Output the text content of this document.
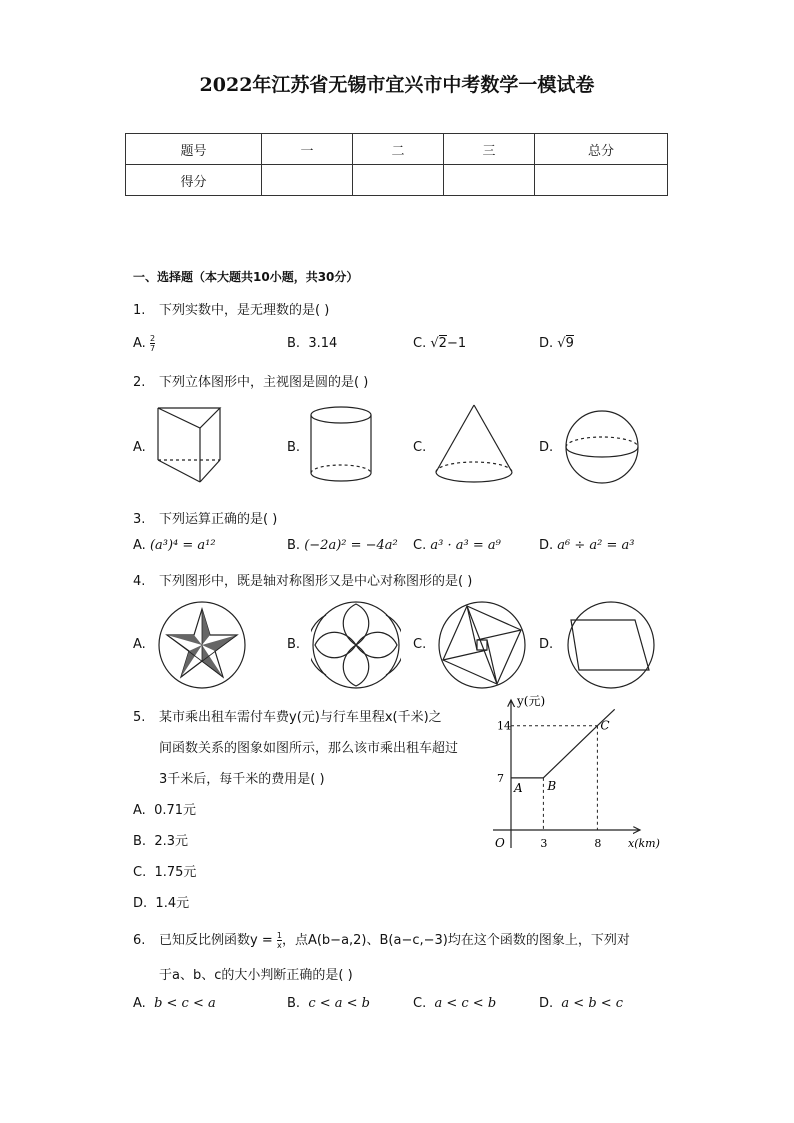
2022年江苏省无锡市宜兴市中考数学一模试卷
题号	一	二	三	总分
得分				
一、选择题（本大题共10小题，共30分）
1. 下列实数中，是无理数的是( )
A. $\frac{2}{7}$	B. 3.14	C. √2−1	D. √9
2. 下列立体图形中，主视图是圆的是( )
A.	B.	C.	D.
3. 下列运算正确的是( )
A. (a³)⁴ = a¹²	B. (−2a)² = −4a² C. a³ · a³ = a⁹	D. a⁶ ÷ a² = a³
4. 下列图形中，既是轴对称图形又是中心对称图形的是( )
A.	B.	C.	D.
5. 某市乘出租车需付车费y(元)与行车里程x(千米)之
间函数关系的图象如图所示，那么该市乘出租车超过
3千米后，每千米的费用是( )
A. 0.71元
B. 2.3元
C. 1.75元
D. 1.4元
y(元)
x(km)
O
7
14
3	8
A B
C
6. 已知反比例函数$y = \frac{1}{x}$ ，点A(b−a,2)、B(a−c,−3)均在这个函数的图象上，下列对
于a、b、c的大小判断正确的是( )
A. b < c < a	B. c < a < b	C. a < c < b	D. a < b < c
